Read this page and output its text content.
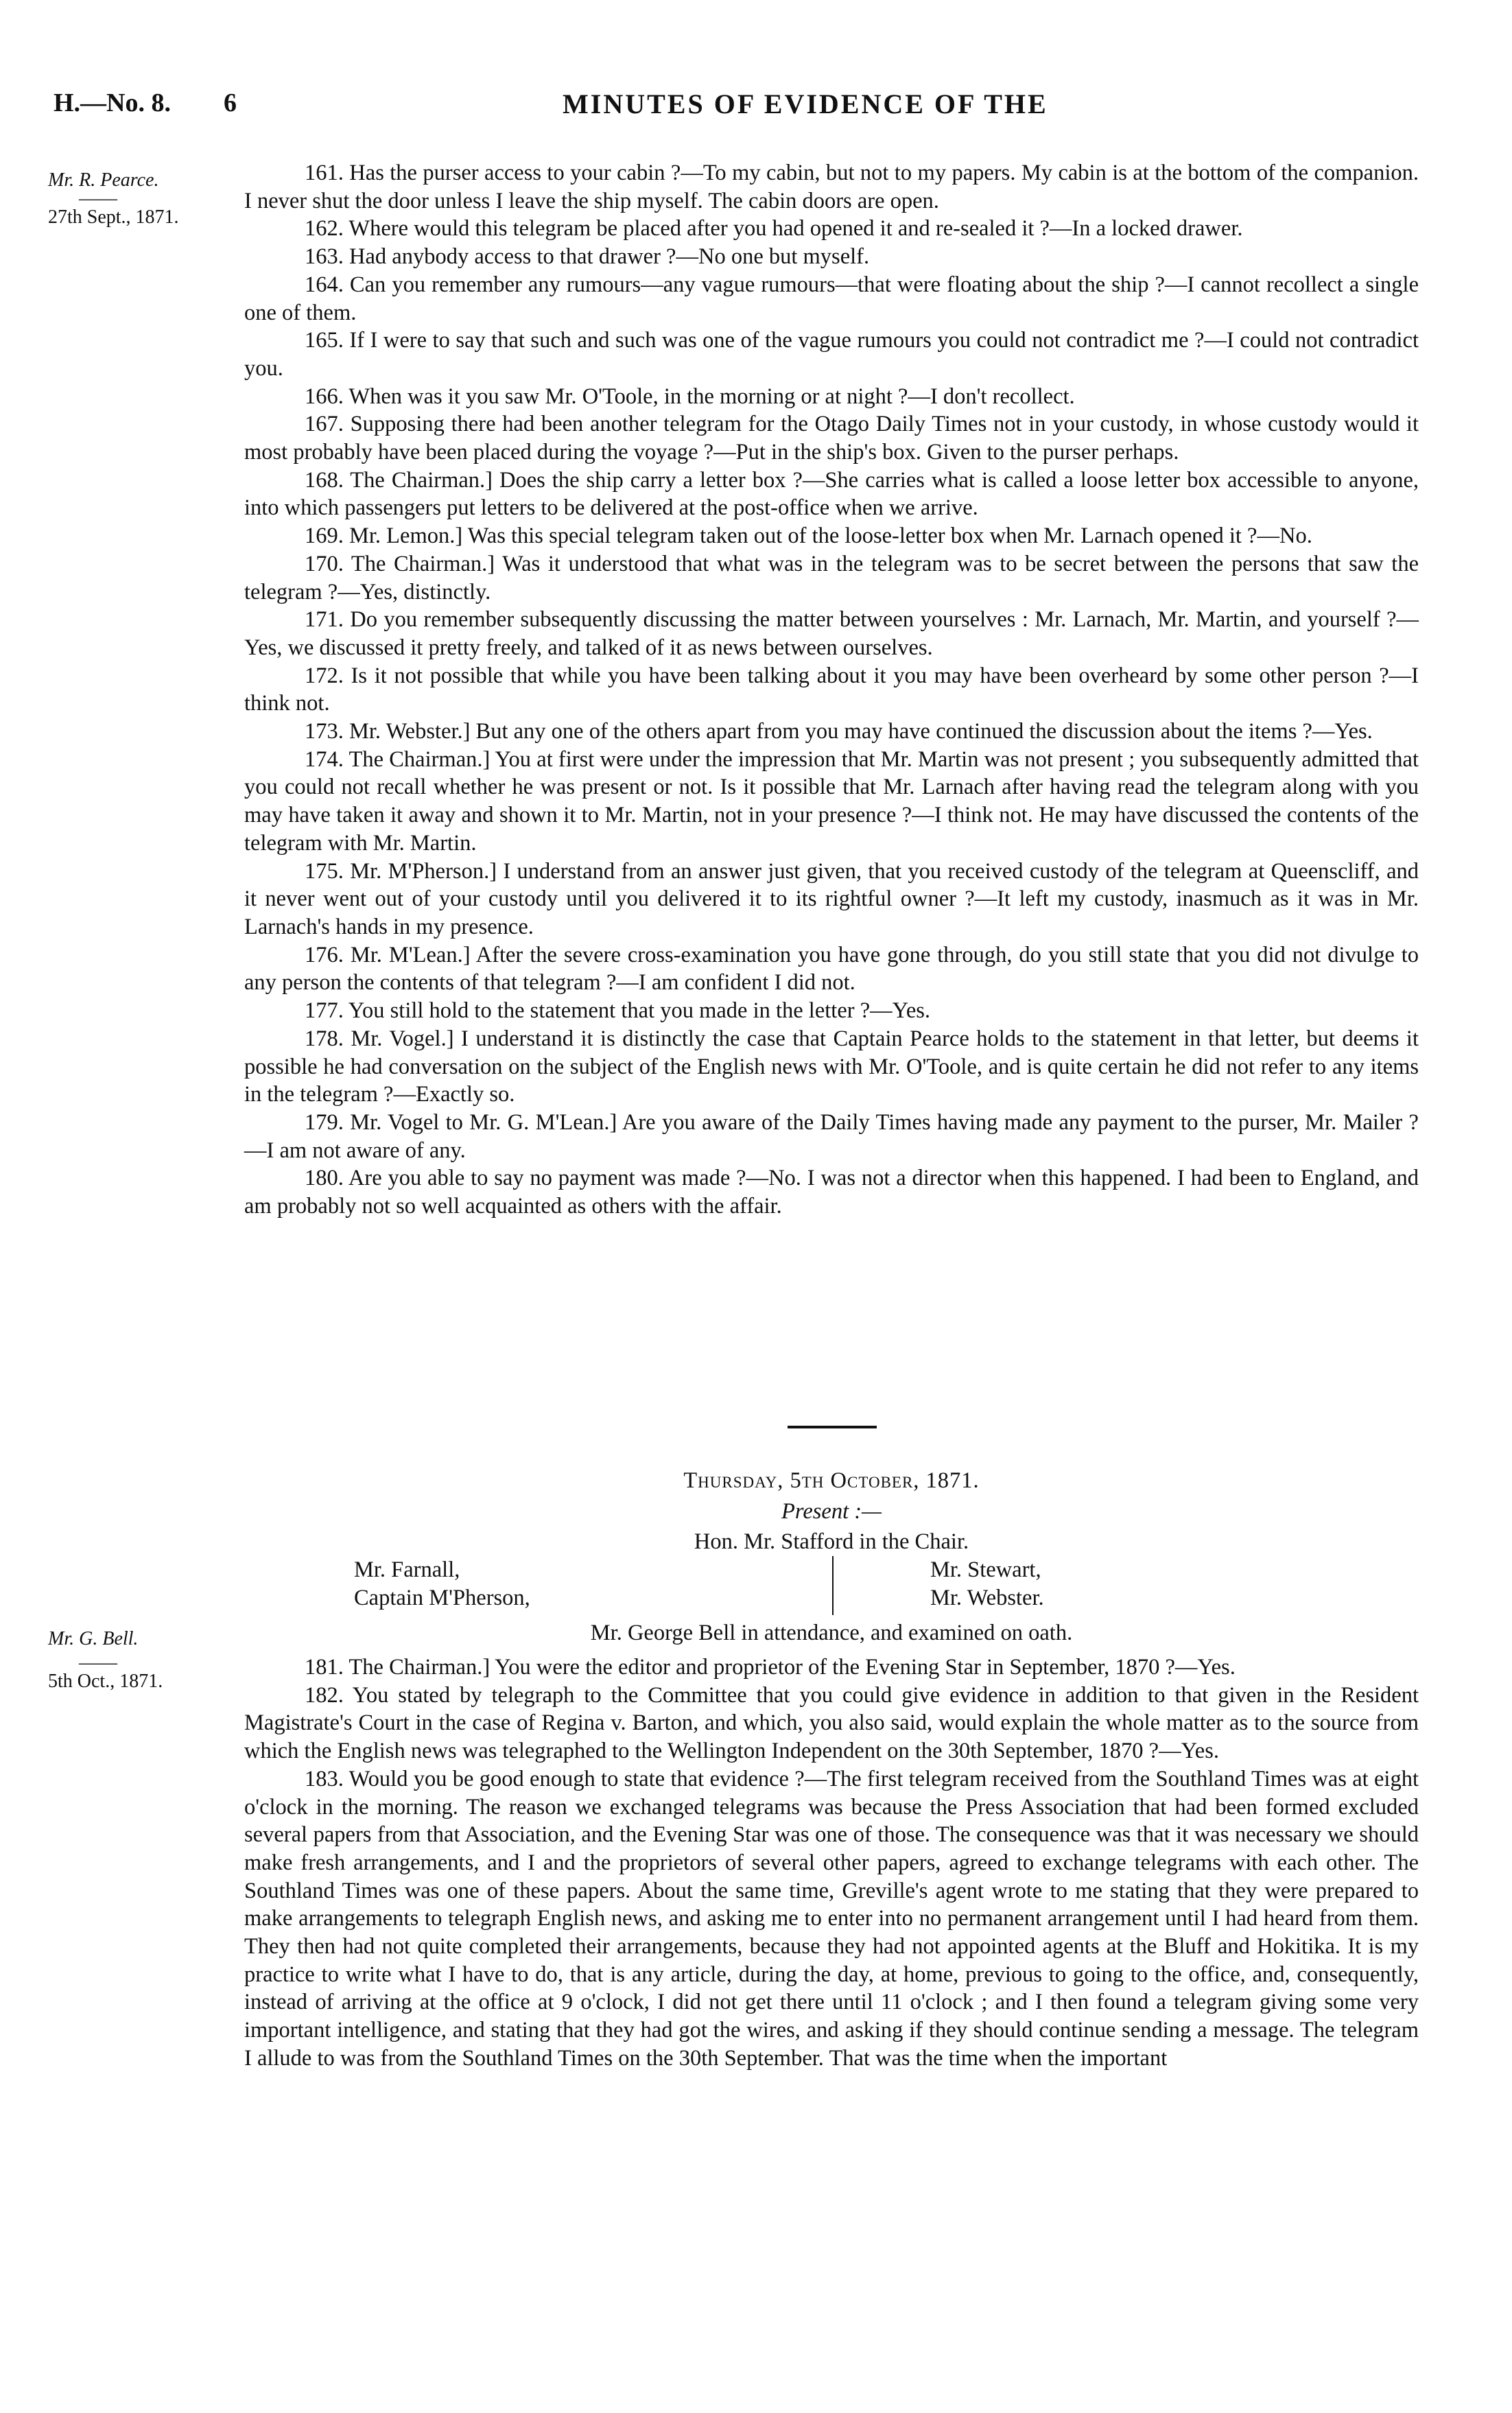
H.—No. 8. 6	MINUTES OF EVIDENCE OF THE
Mr. R. Pearce.
——
27th Sept., 1871.

161. Has the purser access to your cabin ?—To my cabin, but not to my papers. My cabin is at the bottom of the companion. I never shut the door unless I leave the ship myself. The cabin doors are open.

162. Where would this telegram be placed after you had opened it and re-sealed it ?—In a locked drawer.

163. Had anybody access to that drawer ?—No one but myself.

164. Can you remember any rumours—any vague rumours—that were floating about the ship ?—I cannot recollect a single one of them.

165. If I were to say that such and such was one of the vague rumours you could not contradict me ?—I could not contradict you.

166. When was it you saw Mr. O'Toole, in the morning or at night ?—I don't recollect.

167. Supposing there had been another telegram for the Otago Daily Times not in your custody, in whose custody would it most probably have been placed during the voyage ?—Put in the ship's box. Given to the purser perhaps.

168. The Chairman.] Does the ship carry a letter box ?—She carries what is called a loose letter box accessible to anyone, into which passengers put letters to be delivered at the post-office when we arrive.

169. Mr. Lemon.] Was this special telegram taken out of the loose-letter box when Mr. Larnach opened it ?—No.

170. The Chairman.] Was it understood that what was in the telegram was to be secret between the persons that saw the telegram ?—Yes, distinctly.

171. Do you remember subsequently discussing the matter between yourselves : Mr. Larnach, Mr. Martin, and yourself ?—Yes, we discussed it pretty freely, and talked of it as news between ourselves.

172. Is it not possible that while you have been talking about it you may have been overheard by some other person ?—I think not.

173. Mr. Webster.] But any one of the others apart from you may have continued the discussion about the items ?—Yes.

174. The Chairman.] You at first were under the impression that Mr. Martin was not present ; you subsequently admitted that you could not recall whether he was present or not. Is it possible that Mr. Larnach after having read the telegram along with you may have taken it away and shown it to Mr. Martin, not in your presence ?—I think not. He may have discussed the contents of the telegram with Mr. Martin.

175. Mr. M'Pherson.] I understand from an answer just given, that you received custody of the telegram at Queenscliff, and it never went out of your custody until you delivered it to its rightful owner ?—It left my custody, inasmuch as it was in Mr. Larnach's hands in my presence.

176. Mr. M'Lean.] After the severe cross-examination you have gone through, do you still state that you did not divulge to any person the contents of that telegram ?—I am confident I did not.

177. You still hold to the statement that you made in the letter ?—Yes.

178. Mr. Vogel.] I understand it is distinctly the case that Captain Pearce holds to the statement in that letter, but deems it possible he had conversation on the subject of the English news with Mr. O'Toole, and is quite certain he did not refer to any items in the telegram ?—Exactly so.

179. Mr. Vogel to Mr. G. M'Lean.] Are you aware of the Daily Times having made any payment to the purser, Mr. Mailer ?—I am not aware of any.

180. Are you able to say no payment was made ?—No. I was not a director when this happened. I had been to England, and am probably not so well acquainted as others with the affair.

Thursday, 5th October, 1871.

Present :—

Hon. Mr. Stafford in the Chair.

Mr. Farnall,
Captain M'Pherson,
Mr. Stewart,
Mr. Webster.
Mr. G. Bell.
——
5th Oct., 1871.

Mr. George Bell in attendance, and examined on oath.

181. The Chairman.] You were the editor and proprietor of the Evening Star in September, 1870 ?—Yes.

182. You stated by telegraph to the Committee that you could give evidence in addition to that given in the Resident Magistrate's Court in the case of Regina v. Barton, and which, you also said, would explain the whole matter as to the source from which the English news was telegraphed to the Wellington Independent on the 30th September, 1870 ?—Yes.

183. Would you be good enough to state that evidence ?—The first telegram received from the Southland Times was at eight o'clock in the morning. The reason we exchanged telegrams was because the Press Association that had been formed excluded several papers from that Association, and the Evening Star was one of those. The consequence was that it was necessary we should make fresh arrangements, and I and the proprietors of several other papers, agreed to exchange telegrams with each other. The Southland Times was one of these papers. About the same time, Greville's agent wrote to me stating that they were prepared to make arrangements to telegraph English news, and asking me to enter into no permanent arrangement until I had heard from them. They then had not quite completed their arrangements, because they had not appointed agents at the Bluff and Hokitika. It is my practice to write what I have to do, that is any article, during the day, at home, previous to going to the office, and, consequently, instead of arriving at the office at 9 o'clock, I did not get there until 11 o'clock ; and I then found a telegram giving some very important intelligence, and stating that they had got the wires, and asking if they should continue sending a message. The telegram I allude to was from the Southland Times on the 30th September. That was the time when the important
